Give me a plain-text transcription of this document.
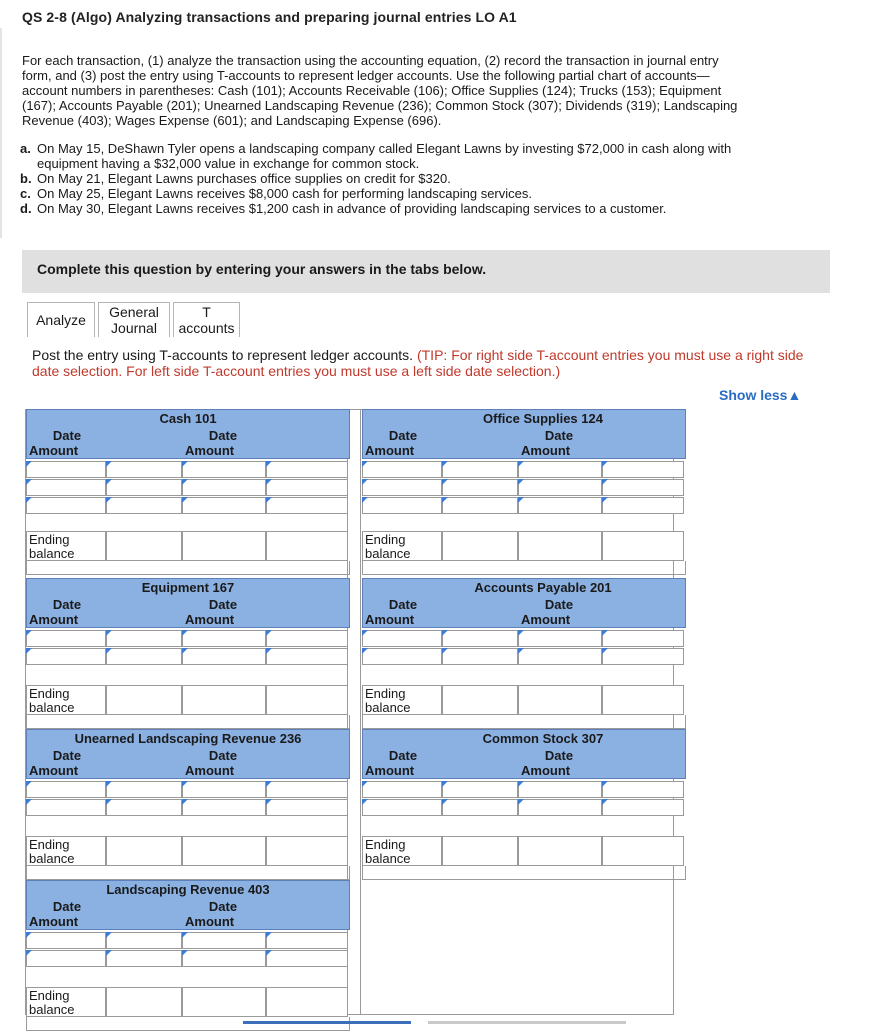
QS 2-8 (Algo) Analyzing transactions and preparing journal entries LO A1
For each transaction, (1) analyze the transaction using the accounting equation, (2) record the transaction in journal entry form, and (3) post the entry using T-accounts to represent ledger accounts. Use the following partial chart of accounts—account numbers in parentheses: Cash (101); Accounts Receivable (106); Office Supplies (124); Trucks (153); Equipment (167); Accounts Payable (201); Unearned Landscaping Revenue (236); Common Stock (307); Dividends (319); Landscaping Revenue (403); Wages Expense (601); and Landscaping Expense (696).
a. On May 15, DeShawn Tyler opens a landscaping company called Elegant Lawns by investing $72,000 in cash along with equipment having a $32,000 value in exchange for common stock.
b. On May 21, Elegant Lawns purchases office supplies on credit for $320.
c. On May 25, Elegant Lawns receives $8,000 cash for performing landscaping services.
d. On May 30, Elegant Lawns receives $1,200 cash in advance of providing landscaping services to a customer.
Complete this question by entering your answers in the tabs below.
Analyze	General
Journal
T
accounts
Post the entry using T-accounts to represent ledger accounts. (TIP: For right side T-account entries you must use a right side date selection. For left side T-account entries you must use a left side date selection.)
Show less▲
Cash 101
Date
Amount
Date
Amount
Ending
balance
Office Supplies 124
Date
Amount
Date
Amount
Ending
balance
Equipment 167
Date
Amount
Date
Amount
Ending
balance
Accounts Payable 201
Date
Amount
Date
Amount
Ending
balance
Unearned Landscaping Revenue 236
Date
Amount
Date
Amount
Ending
balance
Common Stock 307
Date
Amount
Date
Amount
Ending
balance
Landscaping Revenue 403
Date
Amount
Date
Amount
Ending
balance
